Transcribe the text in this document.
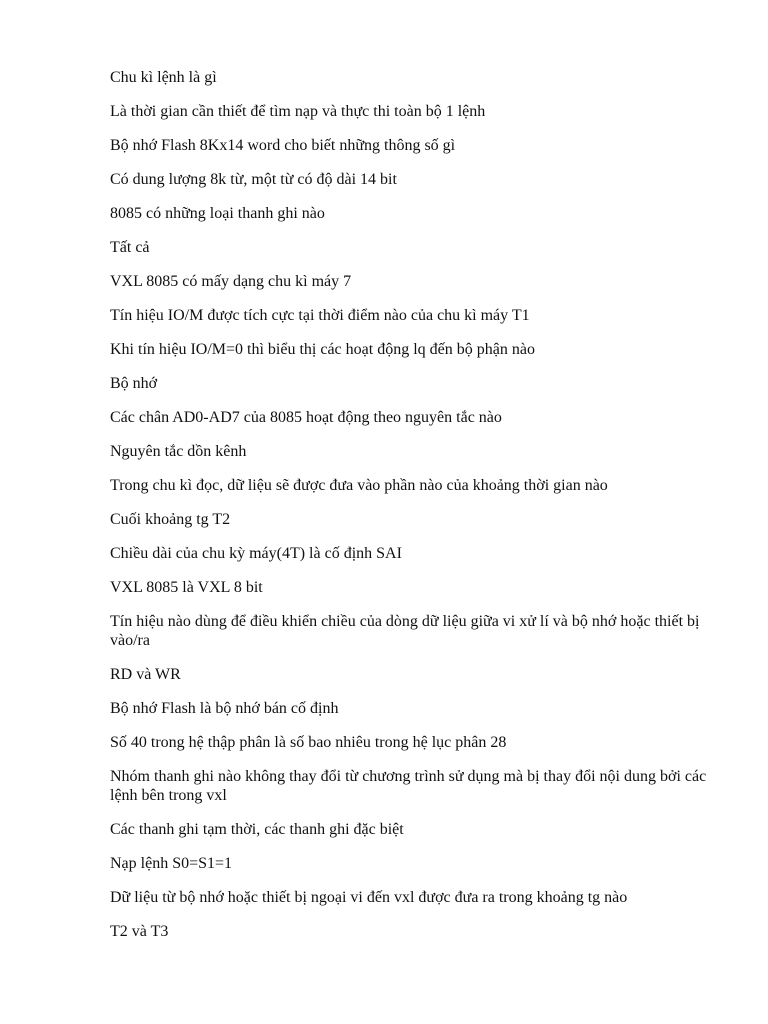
Chu kì lệnh là gì

Là thời gian cần thiết để tìm nạp và thực thi toàn bộ 1 lệnh

Bộ nhớ Flash 8Kx14 word cho biết những thông số gì

Có dung lượng 8k từ, một từ có độ dài 14 bit

8085 có những loại thanh ghi nào

Tất cả

VXL 8085 có mấy dạng chu kì máy 7

Tín hiệu IO/M được tích cực tại thời điểm nào của chu kì máy T1

Khi tín hiệu IO/M=0 thì biểu thị các hoạt động lq đến bộ phận nào

Bộ nhớ

Các chân AD0-AD7 của 8085 hoạt động theo nguyên tắc nào

Nguyên tắc dồn kênh

Trong chu kì đọc, dữ liệu sẽ được đưa vào phần nào của khoảng thời gian nào

Cuối khoảng tg T2

Chiều dài của chu kỳ máy(4T) là cố định SAI

VXL 8085 là VXL 8 bit

Tín hiệu nào dùng để điều khiển chiều của dòng dữ liệu giữa vi xử lí và bộ nhớ hoặc thiết bị vào/ra

RD và WR

Bộ nhớ Flash là bộ nhớ bán cố định

Số 40 trong hệ thập phân là số bao nhiêu trong hệ lục phân 28

Nhóm thanh ghi nào không thay đổi từ chương trình sử dụng mà bị thay đổi nội dung bởi các lệnh bên trong vxl

Các thanh ghi tạm thời, các thanh ghi đặc biệt

Nạp lệnh S0=S1=1

Dữ liệu từ bộ nhớ hoặc thiết bị ngoại vi đến vxl được đưa ra trong khoảng tg nào

T2 và T3
